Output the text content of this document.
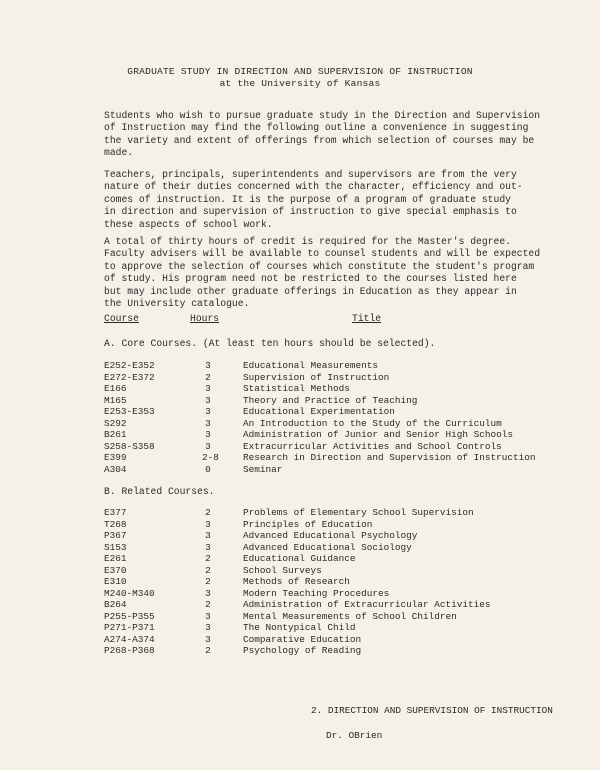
GRADUATE STUDY IN DIRECTION AND SUPERVISION OF INSTRUCTION
at the University of Kansas
Students who wish to pursue graduate study in the Direction and Supervision
of Instruction may find the following outline a convenience in suggesting
the variety and extent of offerings from which selection of courses may be
made.
Teachers, principals, superintendents and supervisors are from the very
nature of their duties concerned with the character, efficiency and out-
comes of instruction. It is the purpose of a program of graduate study
in direction and supervision of instruction to give special emphasis to
these aspects of school work.
A total of thirty hours of credit is required for the Master's degree.
Faculty advisers will be available to counsel students and will be expected
to approve the selection of courses which constitute the student's program
of study. His program need not be restricted to the courses listed here
but may include other graduate offerings in Education as they appear in
the University catalogue.
Course	Hours	Title
A. Core Courses. (At least ten hours should be selected).
E252-E352	3	Educational Measurements
E272-E372	2	Supervision of Instruction
E166	3	Statistical Methods
M165	3	Theory and Practice of Teaching
E253-E353	3	Educational Experimentation
S292	3	An Introduction to the Study of the Curriculum
B261	3	Administration of Junior and Senior High Schools
S258-S358	3	Extracurricular Activities and School Controls
E399	2-8	Research in Direction and Supervision of Instruction
A304	0	Seminar
B. Related Courses.
E377	2	Problems of Elementary School Supervision
T268	3	Principles of Education
P367	3	Advanced Educational Psychology
S153	3	Advanced Educational Sociology
E261	2	Educational Guidance
E370	2	School Surveys
E310	2	Methods of Research
M240-M340	3	Modern Teaching Procedures
B264	2	Administration of Extracurricular Activities
P255-P355	3	Mental Measurements of School Children
P271-P371	3	The Nontypical Child
A274-A374	3	Comparative Education
P268-P368	2	Psychology of Reading
2. DIRECTION AND SUPERVISION OF INSTRUCTION
Dr. OBrien
